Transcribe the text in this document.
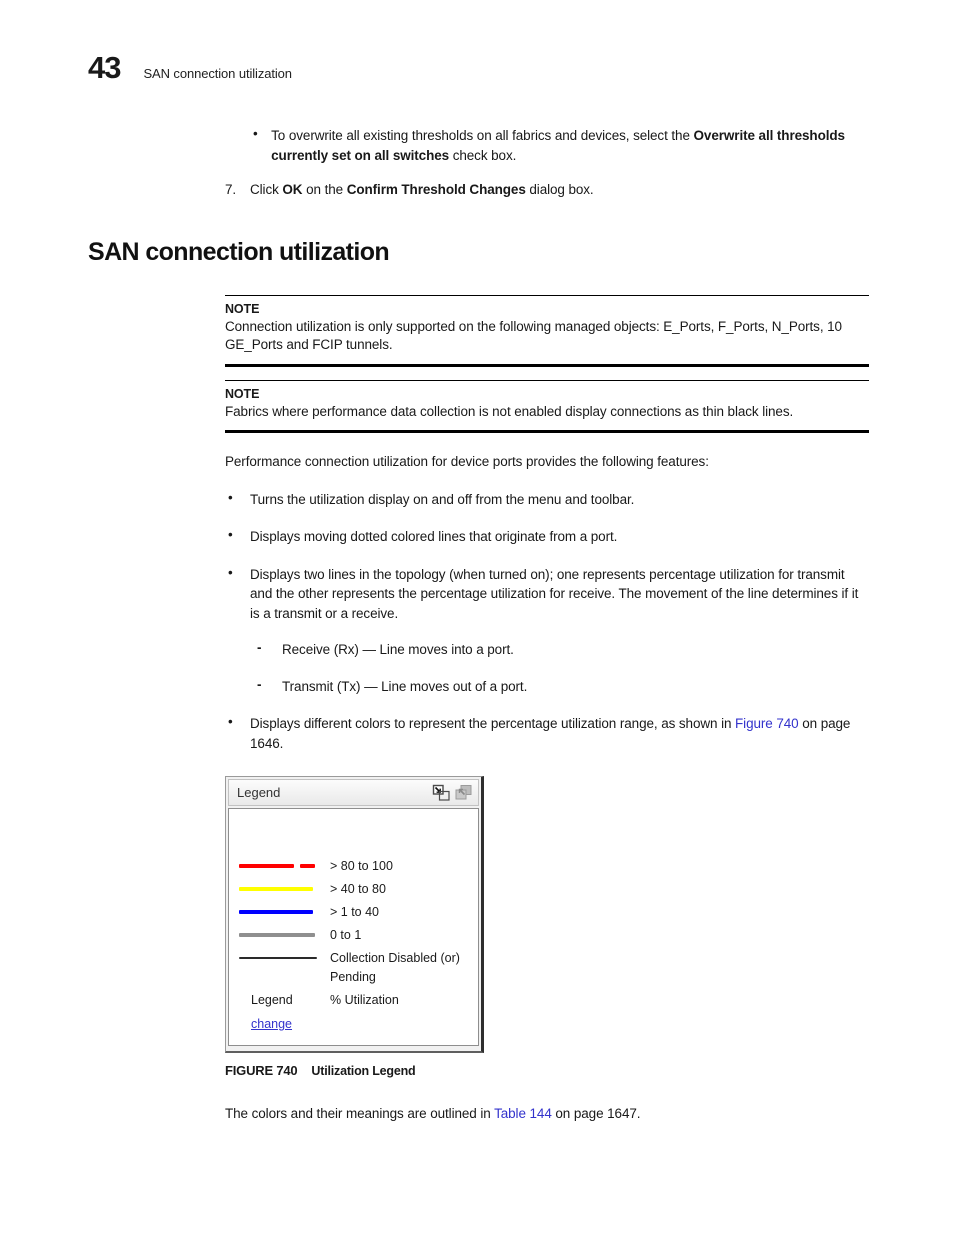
43 SAN connection utilization
•	To overwrite all existing thresholds on all fabrics and devices, select the Overwrite all thresholds currently set on all switches check box.
7.	Click OK on the Confirm Threshold Changes dialog box.
SAN connection utilization
NOTE
Connection utilization is only supported on the following managed objects: E_Ports, F_Ports, N_Ports, 10 GE_Ports and FCIP tunnels.
NOTE
Fabrics where performance data collection is not enabled display connections as thin black lines.

Performance connection utilization for device ports provides the following features:

•	Turns the utilization display on and off from the menu and toolbar.
•	Displays moving dotted colored lines that originate from a port.
•	Displays two lines in the topology (when turned on); one represents percentage utilization for transmit and the other represents the percentage utilization for receive. The movement of the line determines if it is a transmit or a receive.
-	Receive (Rx) — Line moves into a port.
-	Transmit (Tx) — Line moves out of a port.
•	Displays different colors to represent the percentage utilization range, as shown in Figure 740 on page 1646.
Legend
> 80 to 100
> 40 to 80
> 1 to 40
0 to 1
Collection Disabled (or)
Pending
Legend	% Utilization
change
FIGURE 740 Utilization Legend

The colors and their meanings are outlined in Table 144 on page 1647.
